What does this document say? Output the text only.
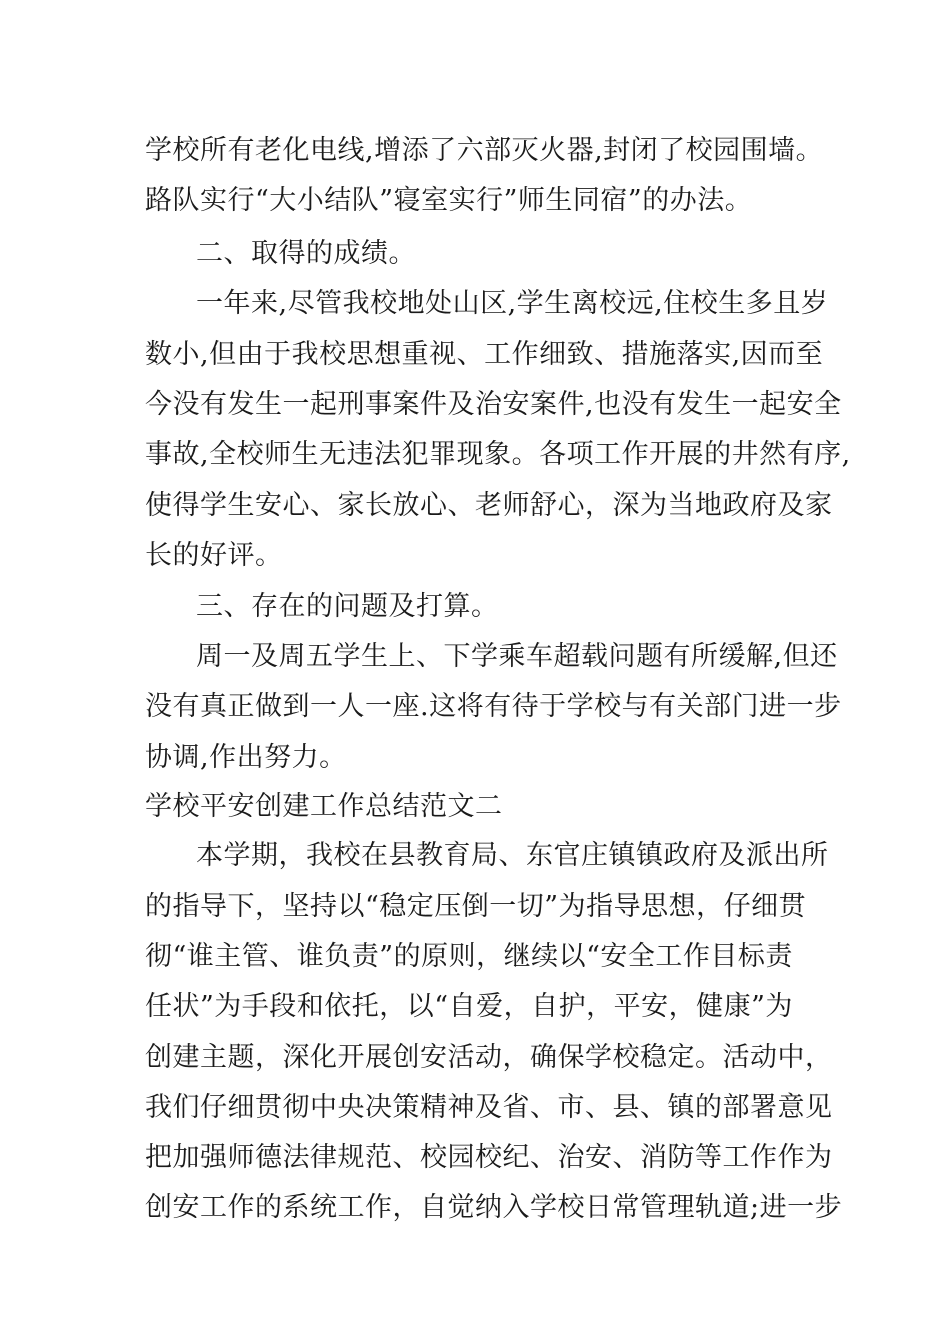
学校所有老化电线,增添了六部灭火器,封闭了校园围墙。
路队实行“大小结队”寝室实行”师生同宿”的办法。
二、取得的成绩。
一年来,尽管我校地处山区,学生离校远,住校生多且岁
数小,但由于我校思想重视、工作细致、措施落实,因而至
今没有发生一起刑事案件及治安案件,也没有发生一起安全
事故,全校师生无违法犯罪现象。各项工作开展的井然有序,
使得学生安心、家长放心、老师舒心，深为当地政府及家
长的好评。
三、存在的问题及打算。
周一及周五学生上、下学乘车超载问题有所缓解,但还
没有真正做到一人一座.这将有待于学校与有关部门进一步
协调,作出努力。
学校平安创建工作总结范文二
本学期，我校在县教育局、东官庄镇镇政府及派出所
的指导下，坚持以“稳定压倒一切”为指导思想，仔细贯
彻“谁主管、谁负责”的原则，继续以“安全工作目标责
任状”为手段和依托，以“自爱，自护，平安，健康”为
创建主题，深化开展创安活动，确保学校稳定。活动中，
我们仔细贯彻中央决策精神及省、市、县、镇的部署意见
把加强师德法律规范、校园校纪、治安、消防等工作作为
创安工作的系统工作，自觉纳入学校日常管理轨道;进一步
